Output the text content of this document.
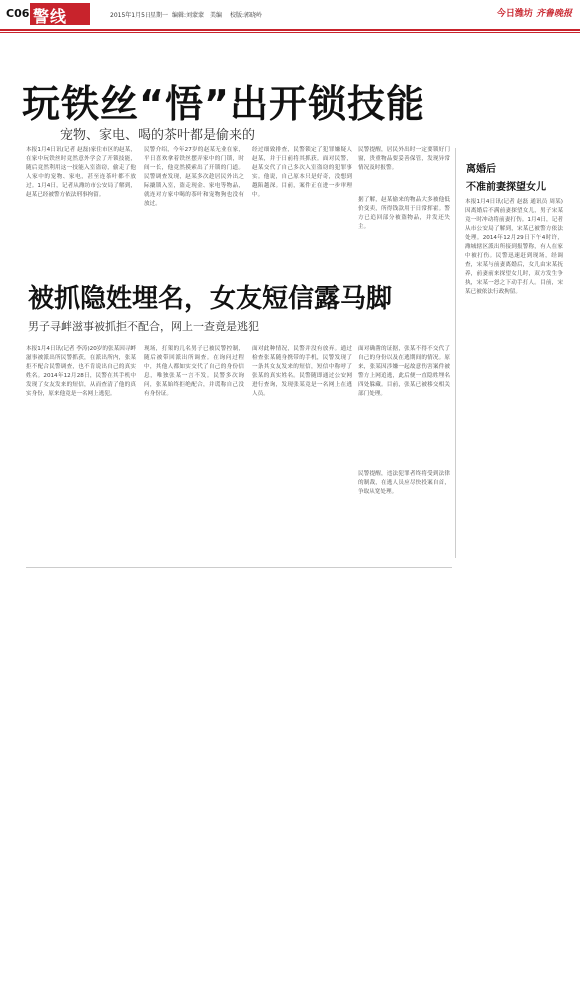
C06 警线	2015年1月5日 星期一 编辑:刘蒙蒙 美编 校版:郭晓岭	今日潍坊 齐鲁晚报
玩铁丝“悟”出开锁技能
宠物、家电、喝的茶叶都是偷来的
本报1月4日讯(记者 赵磊)家住市区的赵某，在家中玩铁丝时竟然意外学会了开锁技能，随后竟然利用这一技能入室盗窃，偷走了他人家中的宠物、家电，甚至连茶叶都不放过。1月4日，记者从潍坊市公安局了解到，赵某已经被警方依法刑事拘留。
民警介绍，今年27岁的赵某无业在家，平日喜欢拿着铁丝摆弄家中的门锁，时间一长，他竟然摸索出了开锁的门道。民警调查发现，赵某多次趁居民外出之际撬锁入室，盗走现金、家电等物品，就连对方家中喝的茶叶和宠物狗也没有放过。
经过细致排查，民警锁定了犯罪嫌疑人赵某，并于日前将其抓获。面对民警，赵某交代了自己多次入室盗窃的犯罪事实。他说，自己原本只是好奇，没想到越陷越深。目前，案件正在进一步审理中。
民警提醒，居民外出时一定要锁好门窗，贵重物品要妥善保管，发现异常情况及时报警。
据了解，赵某偷来的物品大多被他低价变卖，所得钱款用于日常挥霍。警方已追回部分被盗物品，并发还失主。
离婚后
不准前妻探望女儿
本报1月4日讯(记者 赵磊 通讯员 周某)因离婚后不满前妻探望女儿，男子宋某竟一时冲动将前妻打伤。1月4日，记者从市公安局了解到，宋某已被警方依法处理。2014年12月29日下午4时许，潍城辖区派出所接到报警称，有人在家中被打伤。民警迅速赶到现场，经调查，宋某与前妻离婚后，女儿由宋某抚养，前妻前来探望女儿时，双方发生争执，宋某一怒之下动手打人。目前，宋某已被依法行政拘留。
被抓隐姓埋名，女友短信露马脚
男子寻衅滋事被抓拒不配合，网上一查竟是逃犯
本报1月4日讯(记者 李涛)20岁的张某因寻衅滋事被派出所民警抓获，在派出所内，张某拒不配合民警调查，也不肯说出自己的真实姓名。2014年12月28日，民警在其手机中发现了女友发来的短信，从而查清了他的真实身份，原来他竟是一名网上逃犯。
现场，打架的几名男子已被民警控制，随后被带回派出所调查。在询问过程中，其他人都如实交代了自己的身份信息，唯独张某一言不发。民警多次询问，张某始终拒绝配合，并谎称自己没有身份证。
面对此种情况，民警并没有放弃。通过检查张某随身携带的手机，民警发现了一条其女友发来的短信，短信中称呼了张某的真实姓名。民警随即通过公安网进行查询，发现张某竟是一名网上在逃人员。
面对确凿的证据，张某不得不交代了自己的身份以及在逃期间的情况。原来，张某因涉嫌一起故意伤害案件被警方上网追逃，此后便一直隐姓埋名四处躲藏。目前，张某已被移交相关部门处理。
民警提醒，违法犯罪者终将受到法律的制裁，在逃人员应尽快投案自首，争取从宽处理。
